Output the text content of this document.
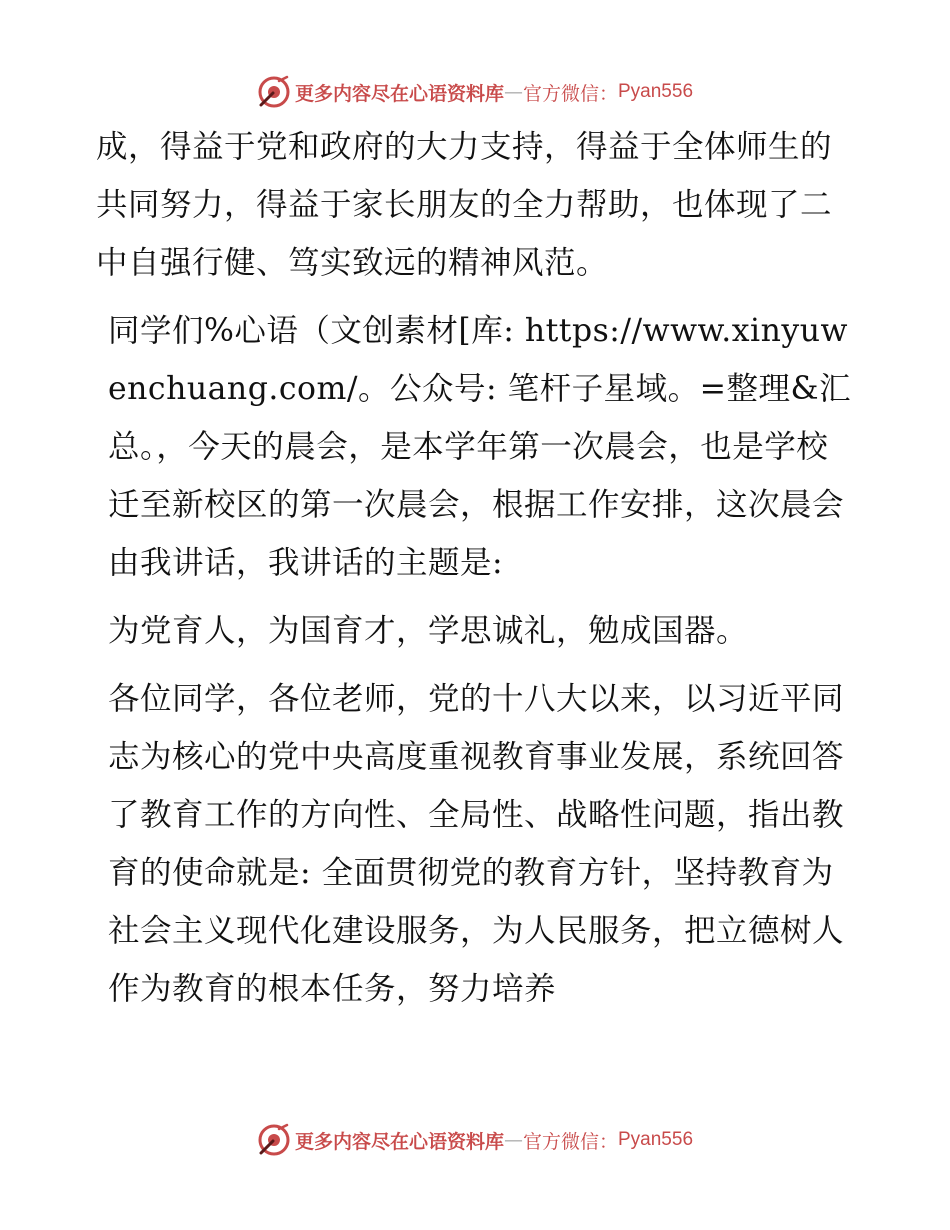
更多内容尽在心语资料库 — 官方微信： Pyan556

成，得益于党和政府的大力支持，得益于全体师生的共同努力，得益于家长朋友的全力帮助，也体现了二中自强行健、笃实致远的精神风范。

同学们%心语（文创素材[库: https://www.xinyuwenchuang.com/。公众号: 笔杆子星域。=整理&汇总。，今天的晨会，是本学年第一次晨会，也是学校迁至新校区的第一次晨会，根据工作安排，这次晨会由我讲话，我讲话的主题是:

为党育人，为国育才，学思诚礼，勉成国器。

各位同学，各位老师，党的十八大以来，以习近平同志为核心的党中央高度重视教育事业发展，系统回答了教育工作的方向性、全局性、战略性问题，指出教育的使命就是: 全面贯彻党的教育方针，坚持教育为社会主义现代化建设服务，为人民服务，把立德树人作为教育的根本任务，努力培养

更多内容尽在心语资料库 — 官方微信： Pyan556
